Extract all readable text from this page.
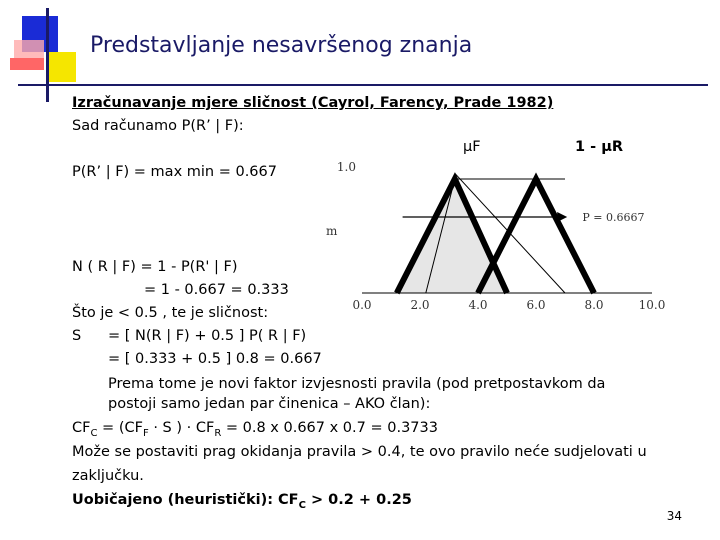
Predstavljanje nesavršenog znanja
Izračunavanje mjere sličnost (Cayrol, Farency, Prade 1982)
Sad računamo P(R’ | F):
P(R’ | F) = max min = 0.667
N ( R | F) = 1 - P(R' | F)
= 1 - 0.667 = 0.333
Što je < 0.5 , te je sličnost:
S = [ N(R | F) + 0.5 ] P( R | F)
= [ 0.333 + 0.5 ] 0.8 = 0.667
Prema tome je novi faktor izvjesnosti pravila (pod pretpostavkom da
postoji samo jedan par činenica – AKO član):
$CF_C = (CF_F \cdot S$ ) · $CF_R = 0.8$ x 0.667 x 0.7 = 0.3733
Može se postaviti prag okidanja pravila > 0.4, te ovo pravilo neće sudjelovati u
zaključku.
Uobičajeno (heuristički): $CF_C > 0.2 + 0.25$
34
P = 0.6667
0.0	2.0	4.0	6.0	8.0	10.0
1.0
m
µF	1 - µR
